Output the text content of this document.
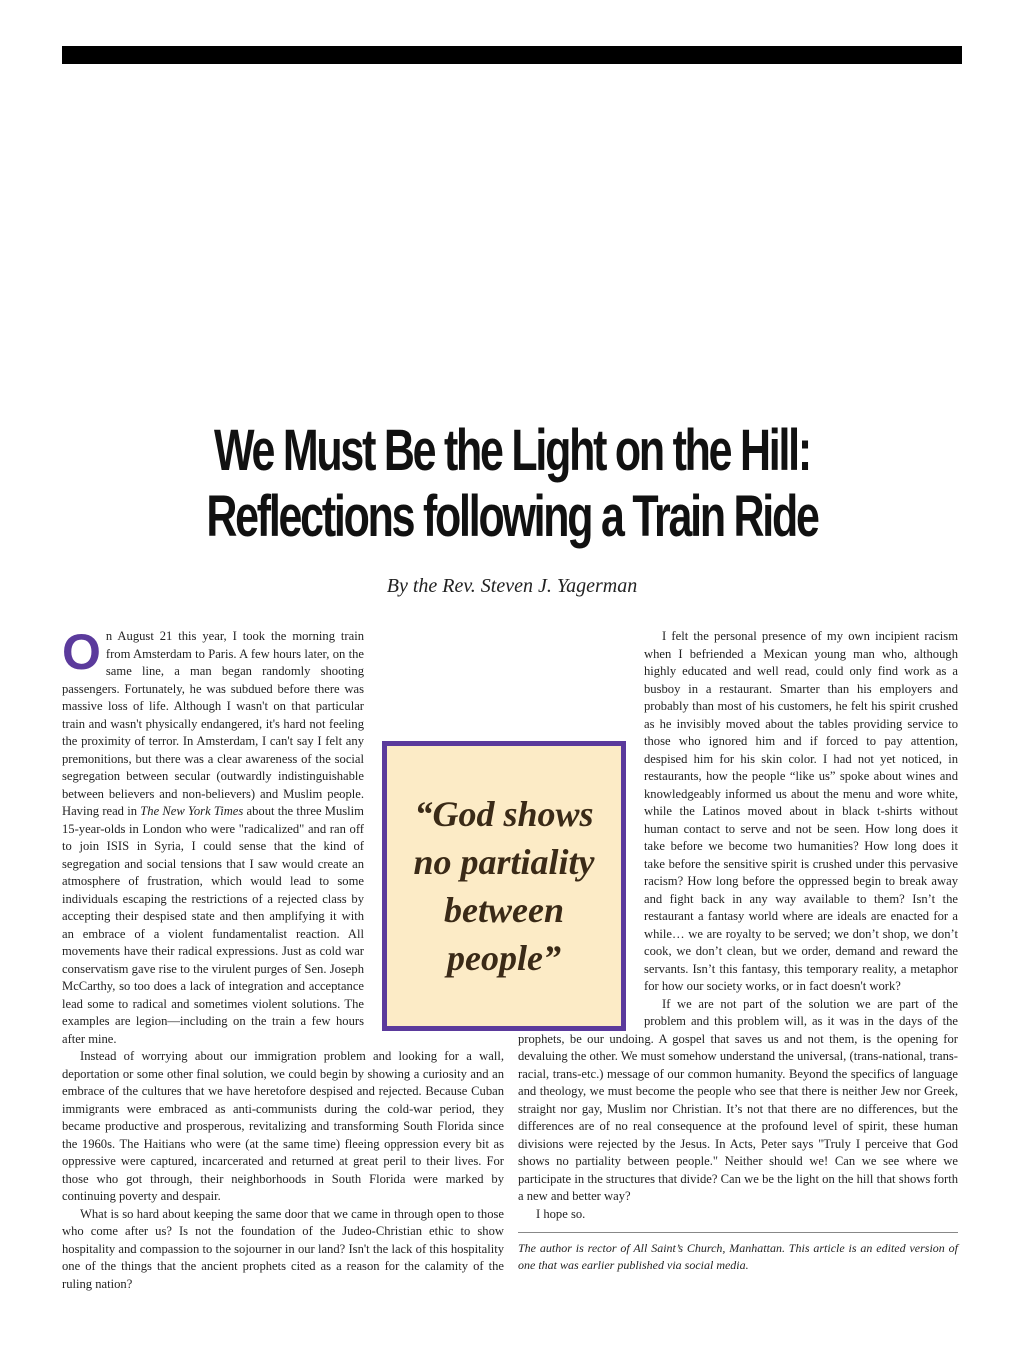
We Must Be the Light on the Hill:
Reflections following a Train Ride
By the Rev. Steven J. Yagerman

On August 21 this year, I took the morning train from Amsterdam to Paris. A few hours later, on the same line, a man began randomly shooting passengers. Fortunately, he was subdued before there was massive loss of life. Although I wasn't on that particular train and wasn't physically endangered, it's hard not feeling the proximity of terror. In Amsterdam, I can't say I felt any premonitions, but there was a clear awareness of the social segregation between secular (outwardly indistinguishable between believers and non-believers) and Muslim people. Having read in The New York Times about the three Muslim 15-year-olds in London who were "radicalized" and ran off to join ISIS in Syria, I could sense that the kind of segregation and social tensions that I saw would create an atmosphere of frustration, which would lead to some individuals escaping the restrictions of a rejected class by accepting their despised state and then amplifying it with an embrace of a violent fundamentalist reaction. All movements have their radical expressions. Just as cold war conservatism gave rise to the virulent purges of Sen. Joseph McCarthy, so too does a lack of integration and acceptance lead some to radical and sometimes violent solutions. The examples are legion—including on the train a few hours after mine.

Instead of worrying about our immigration problem and looking for a wall, deportation or some other final solution, we could begin by showing a curiosity and an embrace of the cultures that we have heretofore despised and rejected. Because Cuban immigrants were embraced as anti-communists during the cold-war period, they became productive and prosperous, revitalizing and transforming South Florida since the 1960s. The Haitians who were (at the same time) fleeing oppression every bit as oppressive were captured, incarcerated and returned at great peril to their lives. For those who got through, their neighborhoods in South Florida were marked by continuing poverty and despair.

What is so hard about keeping the same door that we came in through open to those who come after us? Is not the foundation of the Judeo-Christian ethic to show hospitality and compassion to the sojourner in our land? Isn't the lack of this hospitality one of the things that the ancient prophets cited as a reason for the calamity of the ruling nation?

I felt the personal presence of my own incipient racism when I befriended a Mexican young man who, although highly educated and well read, could only find work as a busboy in a restaurant. Smarter than his employers and probably than most of his customers, he felt his spirit crushed as he invisibly moved about the tables providing service to those who ignored him and if forced to pay attention, despised him for his skin color. I had not yet noticed, in restaurants, how the people “like us” spoke about wines and knowledgeably informed us about the menu and wore white, while the Latinos moved about in black t-shirts without human contact to serve and not be seen. How long does it take before we become two humanities? How long does it take before the sensitive spirit is crushed under this pervasive racism? How long before the oppressed begin to break away and fight back in any way available to them? Isn’t the restaurant a fantasy world where are ideals are enacted for a while… we are royalty to be served; we don’t shop, we don’t cook, we don’t clean, but we order, demand and reward the servants. Isn’t this fantasy, this temporary reality, a metaphor for how our society works, or in fact doesn't work?

If we are not part of the solution we are part of the problem and this problem will, as it was in the days of the prophets, be our undoing. A gospel that saves us and not them, is the opening for devaluing the other. We must somehow understand the universal, (trans-national, trans-racial, trans-etc.) message of our common humanity. Beyond the specifics of language and theology, we must become the people who see that there is neither Jew nor Greek, straight nor gay, Muslim nor Christian. It’s not that there are no differences, but the differences are of no real consequence at the profound level of spirit, these human divisions were rejected by the Jesus. In Acts, Peter says "Truly I perceive that God shows no partiality between people." Neither should we! Can we see where we participate in the structures that divide? Can we be the light on the hill that shows forth a new and better way?

I hope so.

“God shows no partiality between people”
The author is rector of All Saint’s Church, Manhattan. This article is an edited version of one that was earlier published via social media.
